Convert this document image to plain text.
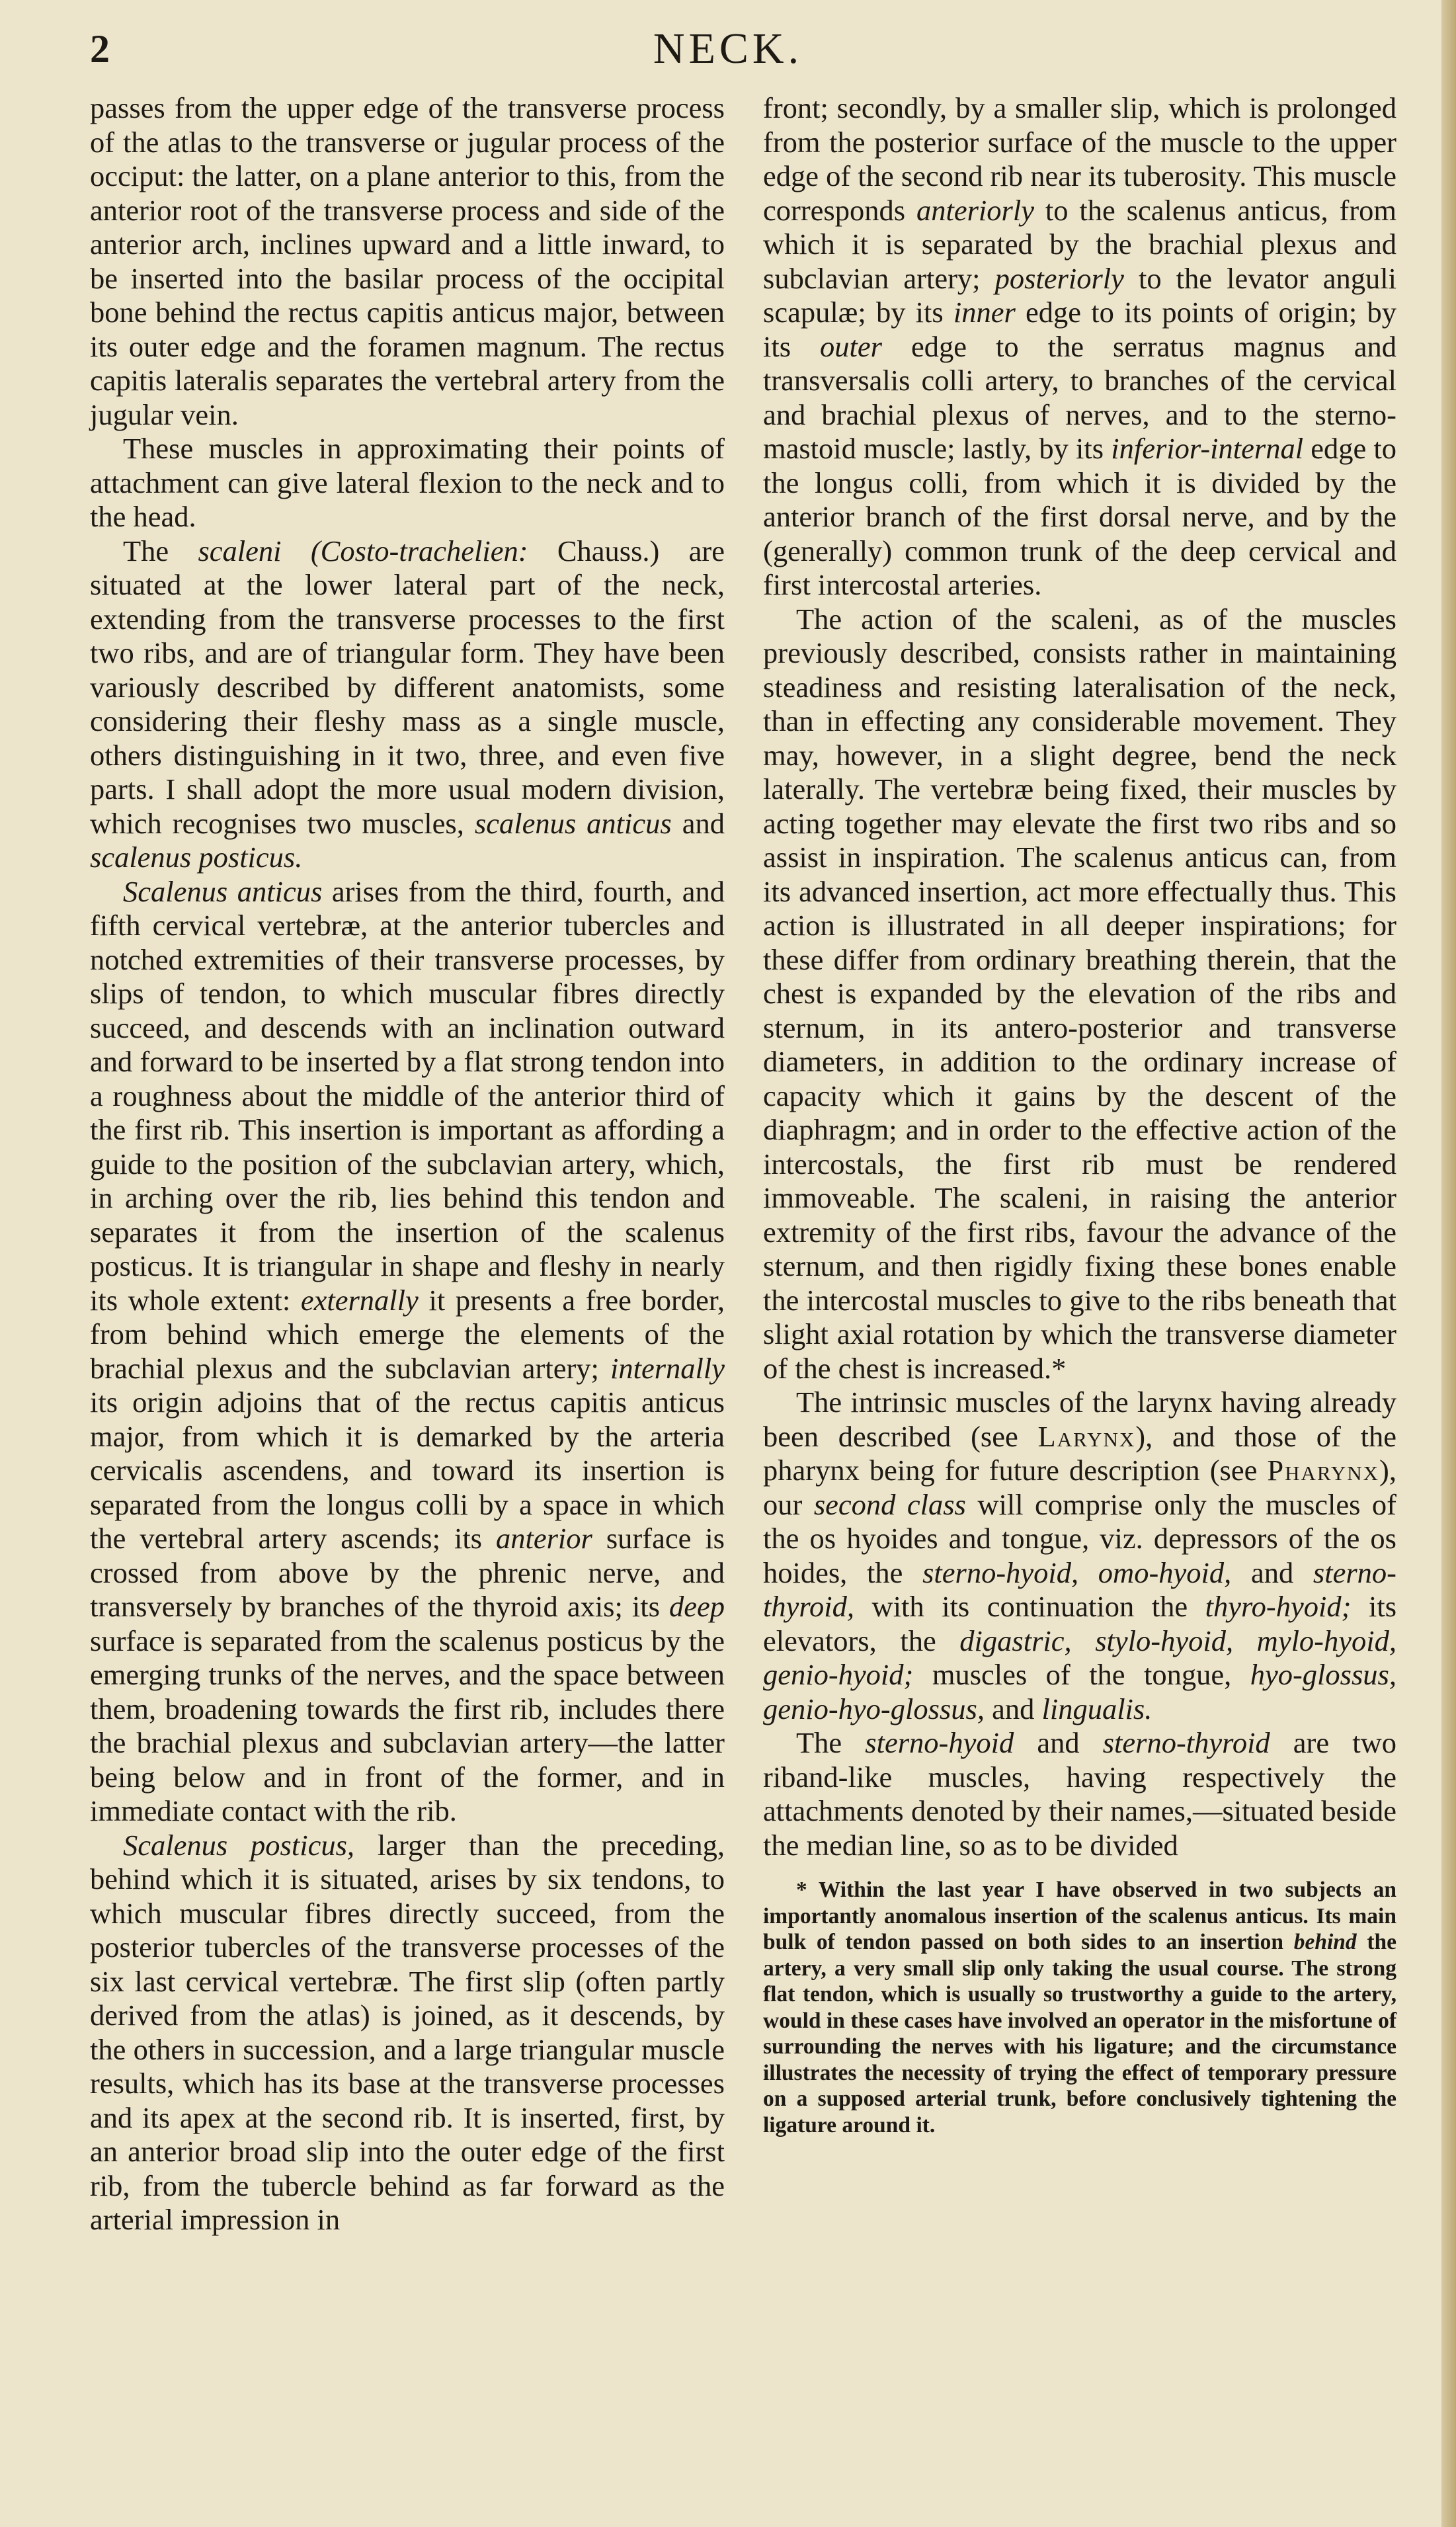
2	NECK.

passes from the upper edge of the transverse process of the atlas to the transverse or jugular process of the occiput: the latter, on a plane anterior to this, from the anterior root of the transverse process and side of the anterior arch, inclines upward and a little inward, to be inserted into the basilar process of the occipital bone behind the rectus capitis anticus major, between its outer edge and the foramen magnum. The rectus capitis lateralis separates the vertebral artery from the jugular vein.

These muscles in approximating their points of attachment can give lateral flexion to the neck and to the head.

The scaleni (Costo-trachelien: Chauss.) are situated at the lower lateral part of the neck, extending from the transverse processes to the first two ribs, and are of triangular form. They have been variously described by different anatomists, some considering their fleshy mass as a single muscle, others distinguishing in it two, three, and even five parts. I shall adopt the more usual modern division, which recognises two muscles, scalenus anticus and scalenus posticus.

Scalenus anticus arises from the third, fourth, and fifth cervical vertebræ, at the anterior tubercles and notched extremities of their transverse processes, by slips of tendon, to which muscular fibres directly succeed, and descends with an inclination outward and forward to be inserted by a flat strong tendon into a roughness about the middle of the anterior third of the first rib. This insertion is important as affording a guide to the position of the subclavian artery, which, in arching over the rib, lies behind this tendon and separates it from the insertion of the scalenus posticus. It is triangular in shape and fleshy in nearly its whole extent: externally it presents a free border, from behind which emerge the elements of the brachial plexus and the subclavian artery; internally its origin adjoins that of the rectus capitis anticus major, from which it is demarked by the arteria cervicalis ascendens, and toward its insertion is separated from the longus colli by a space in which the vertebral artery ascends; its anterior surface is crossed from above by the phrenic nerve, and transversely by branches of the thyroid axis; its deep surface is separated from the scalenus posticus by the emerging trunks of the nerves, and the space between them, broadening towards the first rib, includes there the brachial plexus and subclavian artery—the latter being below and in front of the former, and in immediate contact with the rib.

Scalenus posticus, larger than the preceding, behind which it is situated, arises by six tendons, to which muscular fibres directly succeed, from the posterior tubercles of the transverse processes of the six last cervical vertebræ. The first slip (often partly derived from the atlas) is joined, as it descends, by the others in succession, and a large triangular muscle results, which has its base at the transverse processes and its apex at the second rib. It is inserted, first, by an anterior broad slip into the outer edge of the first rib, from the tubercle behind as far forward as the arterial impression in

front; secondly, by a smaller slip, which is prolonged from the posterior surface of the muscle to the upper edge of the second rib near its tuberosity. This muscle corresponds anteriorly to the scalenus anticus, from which it is separated by the brachial plexus and subclavian artery; posteriorly to the levator anguli scapulæ; by its inner edge to its points of origin; by its outer edge to the serratus magnus and transversalis colli artery, to branches of the cervical and brachial plexus of nerves, and to the sterno-mastoid muscle; lastly, by its inferior-internal edge to the longus colli, from which it is divided by the anterior branch of the first dorsal nerve, and by the (generally) common trunk of the deep cervical and first intercostal arteries.

The action of the scaleni, as of the muscles previously described, consists rather in maintaining steadiness and resisting lateralisation of the neck, than in effecting any considerable movement. They may, however, in a slight degree, bend the neck laterally. The vertebræ being fixed, their muscles by acting together may elevate the first two ribs and so assist in inspiration. The scalenus anticus can, from its advanced insertion, act more effectually thus. This action is illustrated in all deeper inspirations; for these differ from ordinary breathing therein, that the chest is expanded by the elevation of the ribs and sternum, in its antero-posterior and transverse diameters, in addition to the ordinary increase of capacity which it gains by the descent of the diaphragm; and in order to the effective action of the intercostals, the first rib must be rendered immoveable. The scaleni, in raising the anterior extremity of the first ribs, favour the advance of the sternum, and then rigidly fixing these bones enable the intercostal muscles to give to the ribs beneath that slight axial rotation by which the transverse diameter of the chest is increased.*

The intrinsic muscles of the larynx having already been described (see Larynx), and those of the pharynx being for future description (see Pharynx), our second class will comprise only the muscles of the os hyoides and tongue, viz. depressors of the os hoides, the sterno-hyoid, omo-hyoid, and sterno-thyroid, with its continuation the thyro-hyoid; its elevators, the digastric, stylo-hyoid, mylo-hyoid, genio-hyoid; muscles of the tongue, hyo-glossus, genio-hyo-glossus, and lingualis.

The sterno-hyoid and sterno-thyroid are two riband-like muscles, having respectively the attachments denoted by their names,—situated beside the median line, so as to be divided

* Within the last year I have observed in two subjects an importantly anomalous insertion of the scalenus anticus. Its main bulk of tendon passed on both sides to an insertion behind the artery, a very small slip only taking the usual course. The strong flat tendon, which is usually so trustworthy a guide to the artery, would in these cases have involved an operator in the misfortune of surrounding the nerves with his ligature; and the circumstance illustrates the necessity of trying the effect of temporary pressure on a supposed arterial trunk, before conclusively tightening the ligature around it.
